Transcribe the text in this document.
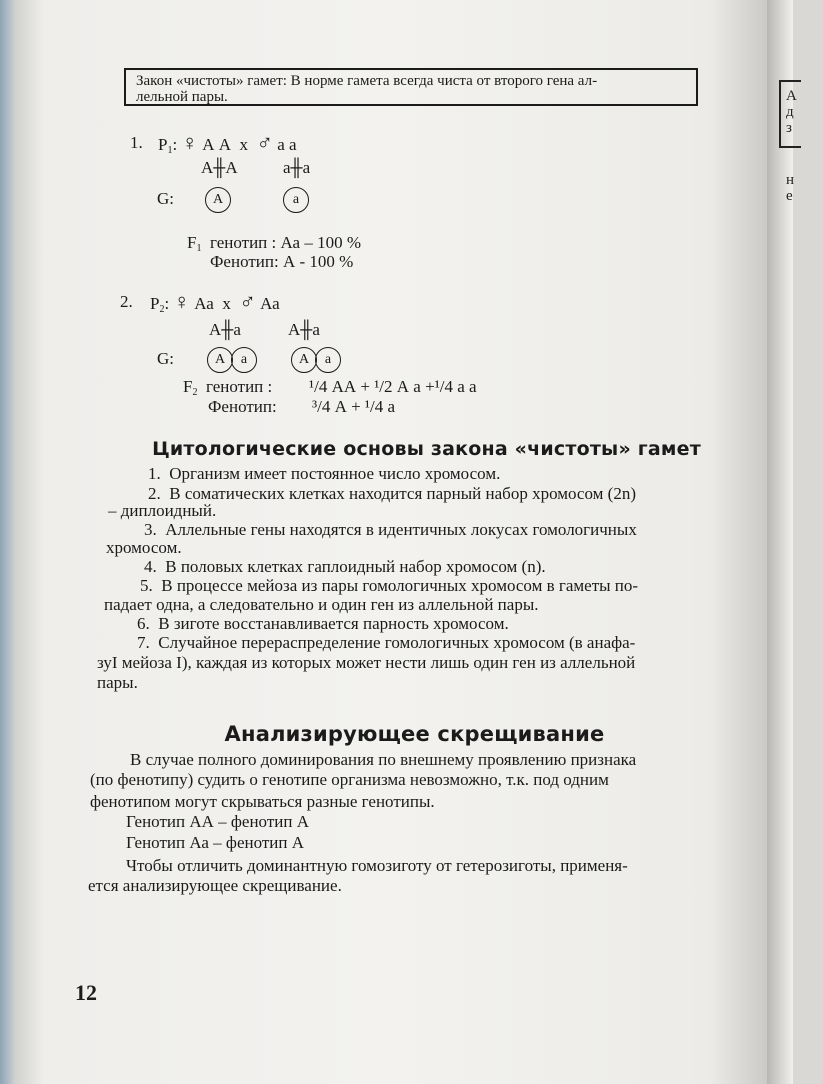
А
д
з
н
е
Закон «чистоты» гамет: В норме гамета всегда чиста от второго гена ал-
лельной пары.
1. $P_1$: ♀ А А x ♂ а а
А╫А	а╫а
G:	А	а
$F_1$ генотип : Аа – 100 %
Фенотип: А - 100 %
2. $P_2$: ♀ Аа x ♂ Аа
А╫а	А╫а
G:	А	а	А	а
$F_2$ генотип : ¹/4 АА + ¹/2 А а +¹/4 а а
Фенотип: ³/4 А + ¹/4 а
Цитологические основы закона «чистоты» гамет
1. Организм имеет постоянное число хромосом.
2. В соматических клетках находится парный набор хромосом (2n)
– диплоидный.
3. Аллельные гены находятся в идентичных локусах гомологичных
хромосом.
4. В половых клетках гаплоидный набор хромосом (n).
5. В процессе мейоза из пары гомологичных хромосом в гаметы по-
падает одна, а следовательно и один ген из аллельной пары.
6. В зиготе восстанавливается парность хромосом.
7. Случайное перераспределение гомологичных хромосом (в анафа-
зуI мейоза I), каждая из которых может нести лишь один ген из аллельной
пары.
Анализирующее скрещивание
В случае полного доминирования по внешнему проявлению признака
(по фенотипу) судить о генотипе организма невозможно, т.к. под одним
фенотипом могут скрываться разные генотипы.
Генотип АА – фенотип А
Генотип Аа – фенотип А
Чтобы отличить доминантную гомозиготу от гетерозиготы, применя-
ется анализирующее скрещивание.
12
